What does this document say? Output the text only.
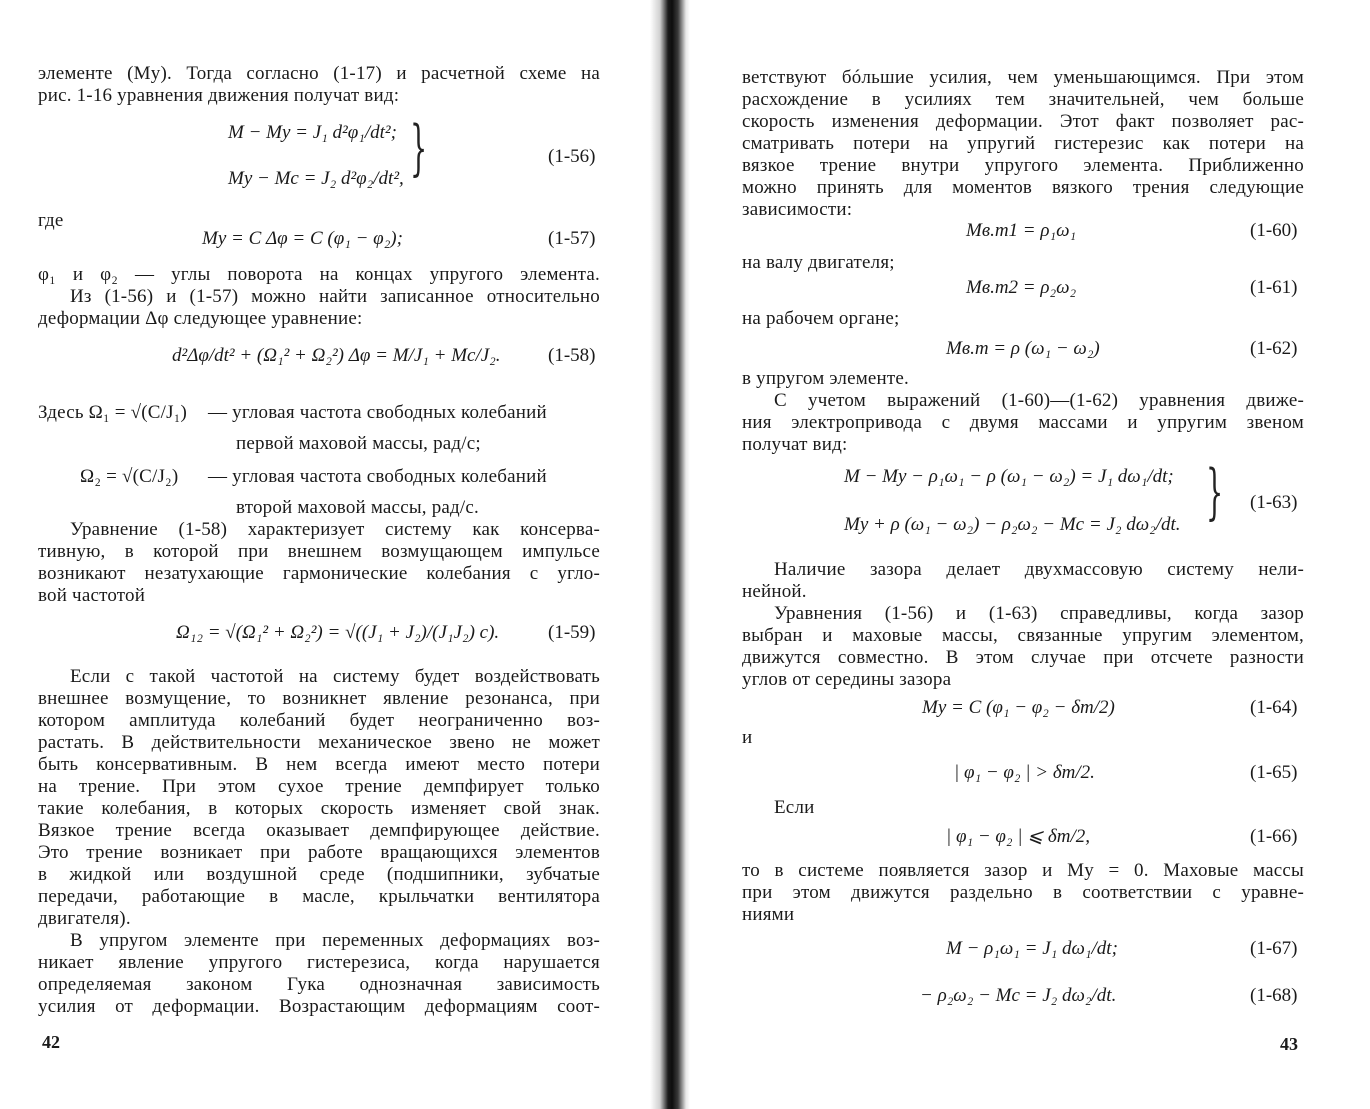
элементе (Мy). Тогда согласно (1-17) и расчетной схеме на
рис. 1-16 уравнения движения получат вид:
M − Mу = J₁ d²φ₁/dt²;
Mу − Mс = J₂ d²φ₂/dt², }	(1-56)
где
Mу = C Δφ = C (φ₁ − φ₂);	(1-57)
φ₁ и φ₂ — углы поворота на концах упругого элемента.
Из (1-56) и (1-57) можно найти записанное относительно
деформации Δφ следующее уравнение:
d²Δφ/dt² + (Ω₁² + Ω₂²) Δφ = M/J₁ + Mс/J₂. (1-58)
Здесь Ω₁ = √(C/J₁) — угловая частота свободных колебаний
первой маховой массы, рад/с;
Ω₂ = √(C/J₂) — угловая частота свободных колебаний
второй маховой массы, рад/с.
Уравнение (1-58) характеризует систему как консерва-
тивную, в которой при внешнем возмущающем импульсе
возникают незатухающие гармонические колебания с угло-
вой частотой
Ω₁₂ = √(Ω₁² + Ω₂²) = √((J₁ + J₂)/(J₁J₂) c).	(1-59)
Если с такой частотой на систему будет воздействовать
внешнее возмущение, то возникнет явление резонанса, при
котором амплитуда колебаний будет неограниченно воз-
растать. В действительности механическое звено не может
быть консервативным. В нем всегда имеют место потери
на трение. При этом сухое трение демпфирует только
такие колебания, в которых скорость изменяет свой знак.
Вязкое трение всегда оказывает демпфирующее действие.
Это трение возникает при работе вращающихся элементов
в жидкой или воздушной среде (подшипники, зубчатые
передачи, работающие в масле, крыльчатки вентилятора
двигателя).
В упругом элементе при переменных деформациях воз-
никает явление упругого гистерезиса, когда нарушается
определяемая законом Гука однозначная зависимость
усилия от деформации. Возрастающим деформациям соот-
42
ветствуют бóльшие усилия, чем уменьшающимся. При этом
расхождение в усилиях тем значительней, чем больше
скорость изменения деформации. Этот факт позволяет рас-
сматривать потери на упругий гистерезис как потери на
вязкое трение внутри упругого элемента. Приближенно
можно принять для моментов вязкого трения следующие
зависимости:
Mв.т1 = ρ₁ω₁	(1-60)
на валу двигателя;
Mв.т2 = ρ₂ω₂	(1-61)
на рабочем органе;
Mв.т = ρ (ω₁ − ω₂)	(1-62)
в упругом элементе.
С учетом выражений (1-60)—(1-62) уравнения движе-
ния электропривода с двумя массами и упругим звеном
получат вид:
M − Mу − ρ₁ω₁ − ρ (ω₁ − ω₂) = J₁ dω₁/dt;
Mу + ρ (ω₁ − ω₂) − ρ₂ω₂ − Mс = J₂ dω₂/dt. } (1-63)
Наличие зазора делает двухмассовую систему нели-
нейной.
Уравнения (1-56) и (1-63) справедливы, когда зазор
выбран и маховые массы, связанные упругим элементом,
движутся совместно. В этом случае при отсчете разности
углов от середины зазора
Mу = C (φ₁ − φ₂ − δm/2)	(1-64)
и
| φ₁ − φ₂ | > δm/2.	(1-65)
Если
| φ₁ − φ₂ | ⩽ δm/2,	(1-66)
то в системе появляется зазор и Mу = 0. Маховые массы
при этом движутся раздельно в соответствии с уравне-
ниями
M − ρ₁ω₁ = J₁ dω₁/dt;	(1-67)
− ρ₂ω₂ − Mс = J₂ dω₂/dt.	(1-68)
43
